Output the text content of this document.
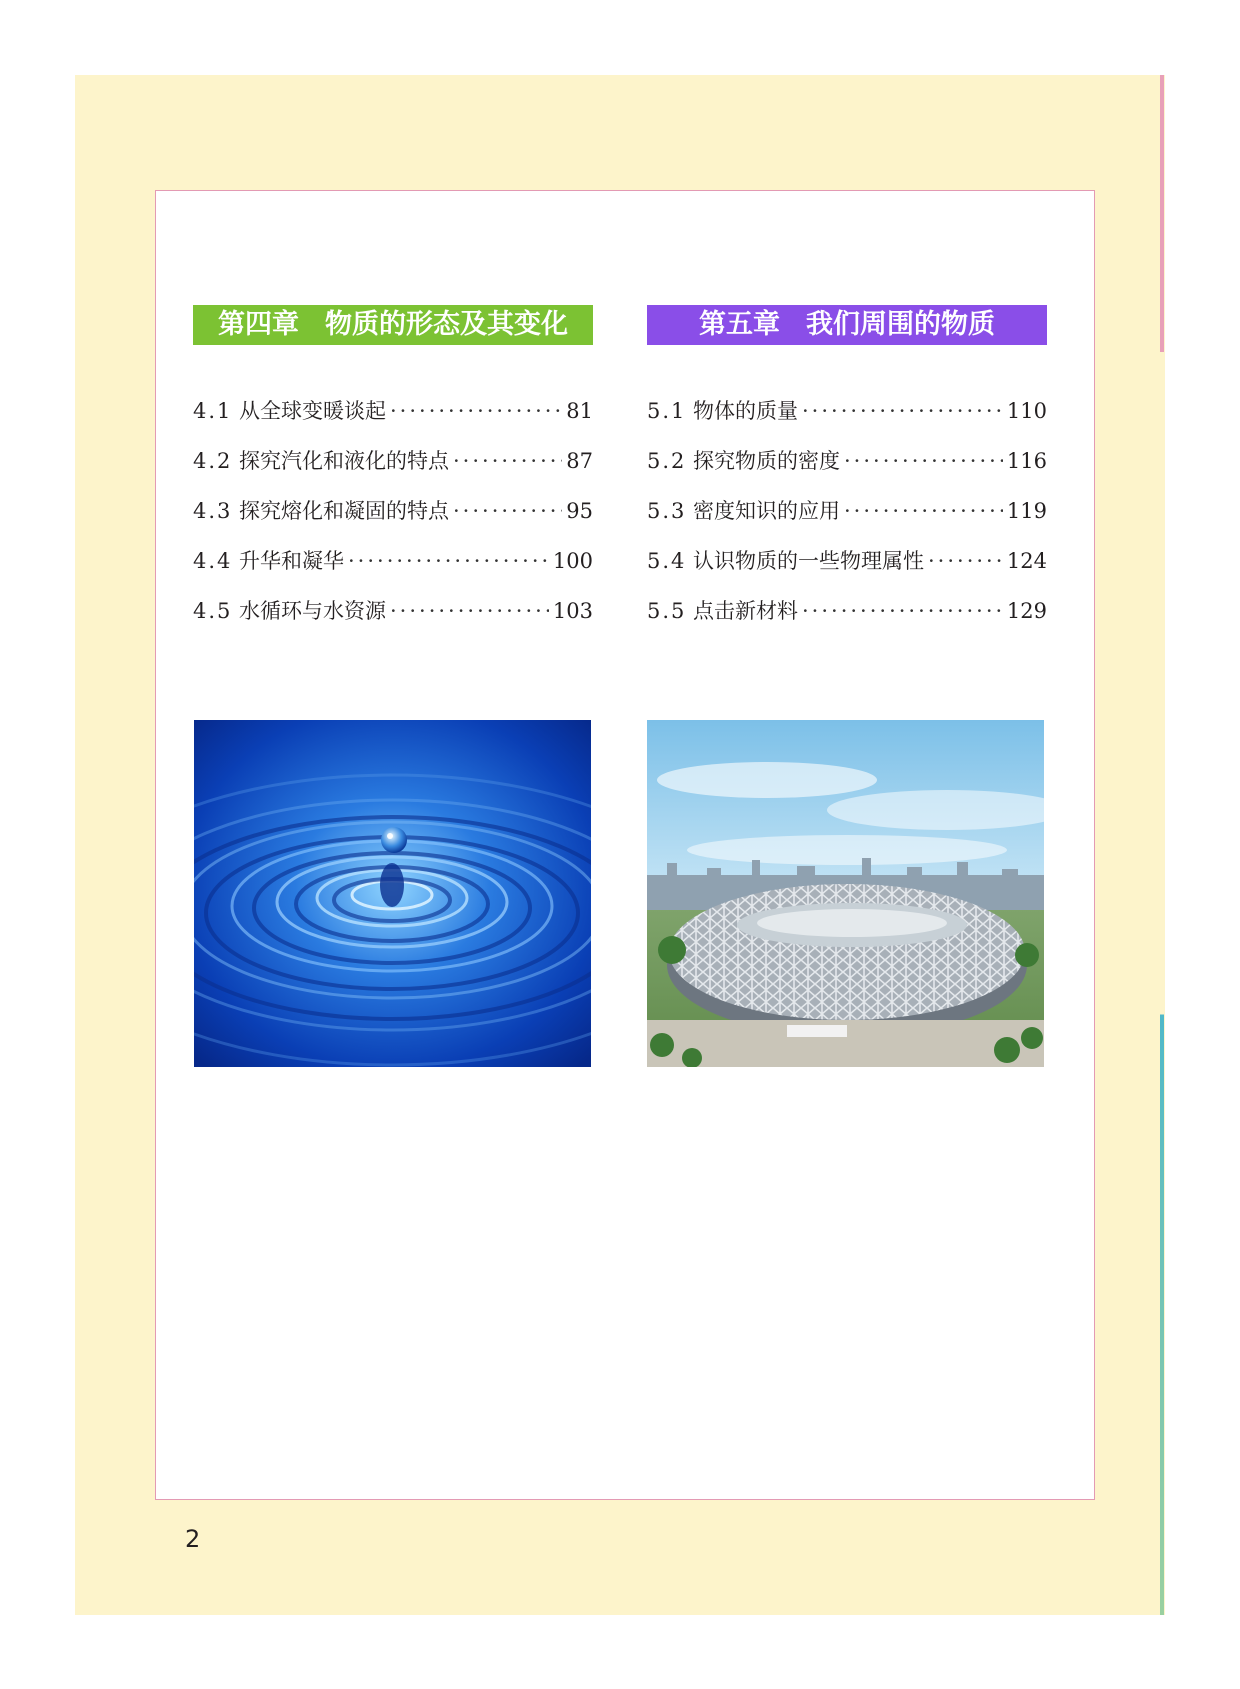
第四章 物质的形态及其变化
4.1 从全球变暖谈起 ·····	81
4.2 探究汽化和液化的特点 ·····	87
4.3 探究熔化和凝固的特点 ·····	95
4.4 升华和凝华 ·····	100
4.5 水循环与水资源 ·····	103
第五章 我们周围的物质
5.1 物体的质量 ·····	110
5.2 探究物质的密度 ·····	116
5.3 密度知识的应用 ·····	119
5.4 认识物质的一些物理属性 ·····	124
5.5 点击新材料 ·····	129
2
